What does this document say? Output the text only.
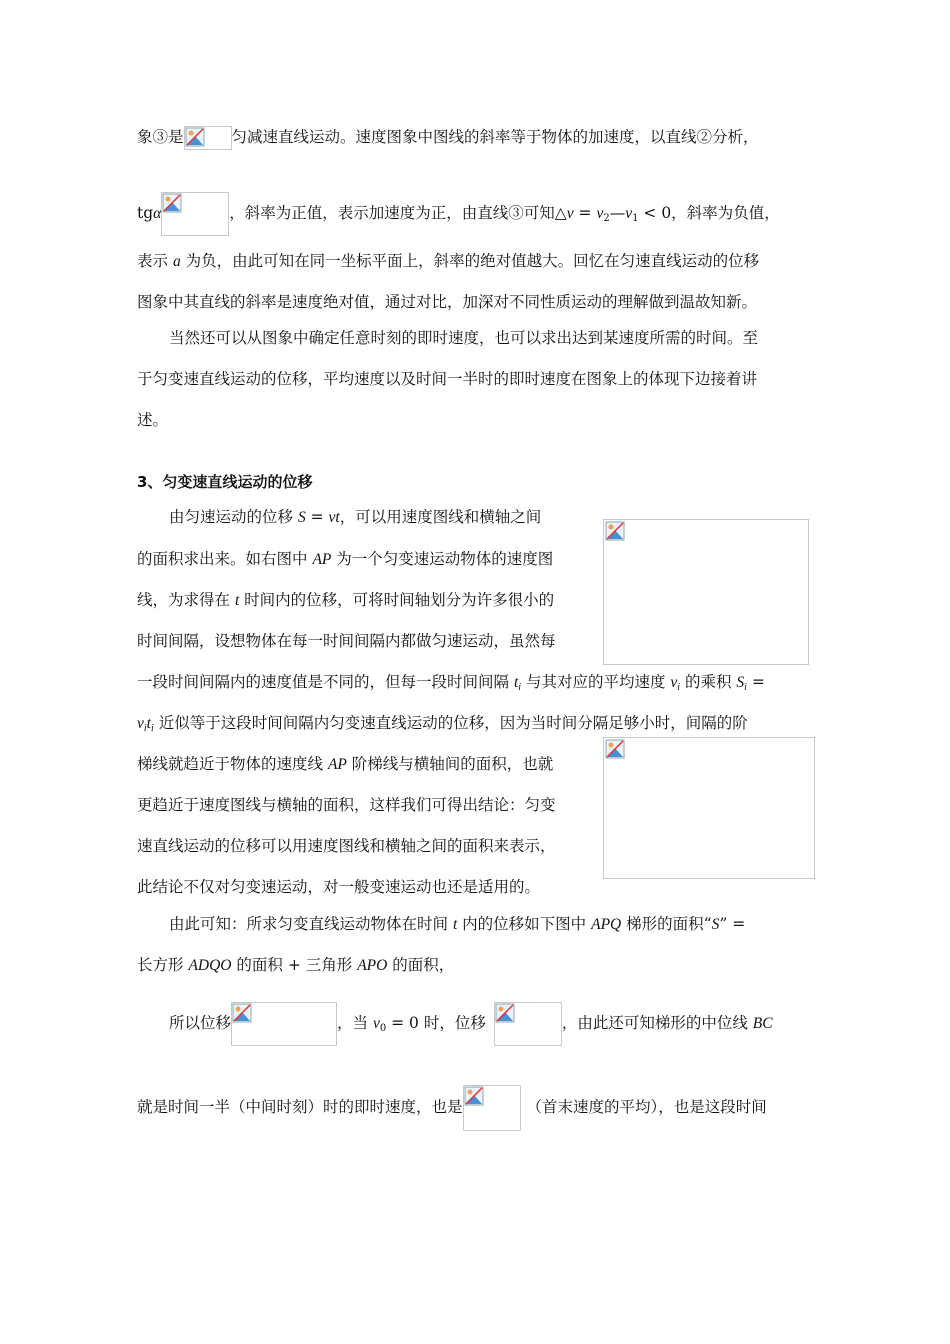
象③是	匀减速直线运动。速度图象中图线的斜率等于物体的加速度，以直线②分析，
tgα	，斜率为正值，表示加速度为正，由直线③可知△v = $v_2—v_1 < 0$，斜率为负值，
表示 a 为负，由此可知在同一坐标平面上，斜率的绝对值越大。回忆在匀速直线运动的位移
图象中其直线的斜率是速度绝对值，通过对比，加深对不同性质运动的理解做到温故知新。
当然还可以从图象中确定任意时刻的即时速度，也可以求出达到某速度所需的时间。至
于匀变速直线运动的位移，平均速度以及时间一半时的即时速度在图象上的体现下边接着讲
述。
3、匀变速直线运动的位移
由匀速运动的位移 S = vt，可以用速度图线和横轴之间
的面积求出来。如右图中 AP 为一个匀变速运动物体的速度图
线，为求得在 t 时间内的位移，可将时间轴划分为许多很小的
时间间隔，设想物体在每一时间间隔内都做匀速运动，虽然每
一段时间间隔内的速度值是不同的，但每一段时间间隔 $t_i$ 与其对应的平均速度 $v_i$ 的乘积 $S_i$ =
$v_it_i$ 近似等于这段时间间隔内匀变速直线运动的位移，因为当时间分隔足够小时，间隔的阶
梯线就趋近于物体的速度线 AP 阶梯线与横轴间的面积，也就
更趋近于速度图线与横轴的面积，这样我们可得出结论：匀变
速直线运动的位移可以用速度图线和横轴之间的面积来表示，
此结论不仅对匀变速运动，对一般变速运动也还是适用的。
由此可知：所求匀变直线运动物体在时间 t 内的位移如下图中 APQ 梯形的面积“S” =
长方形 ADQO 的面积 + 三角形 APO 的面积，
所以位移	，当 $v_0 = 0$ 时，位移	，由此还可知梯形的中位线 BC
就是时间一半（中间时刻）时的即时速度，也是	（首末速度的平均），也是这段时间
